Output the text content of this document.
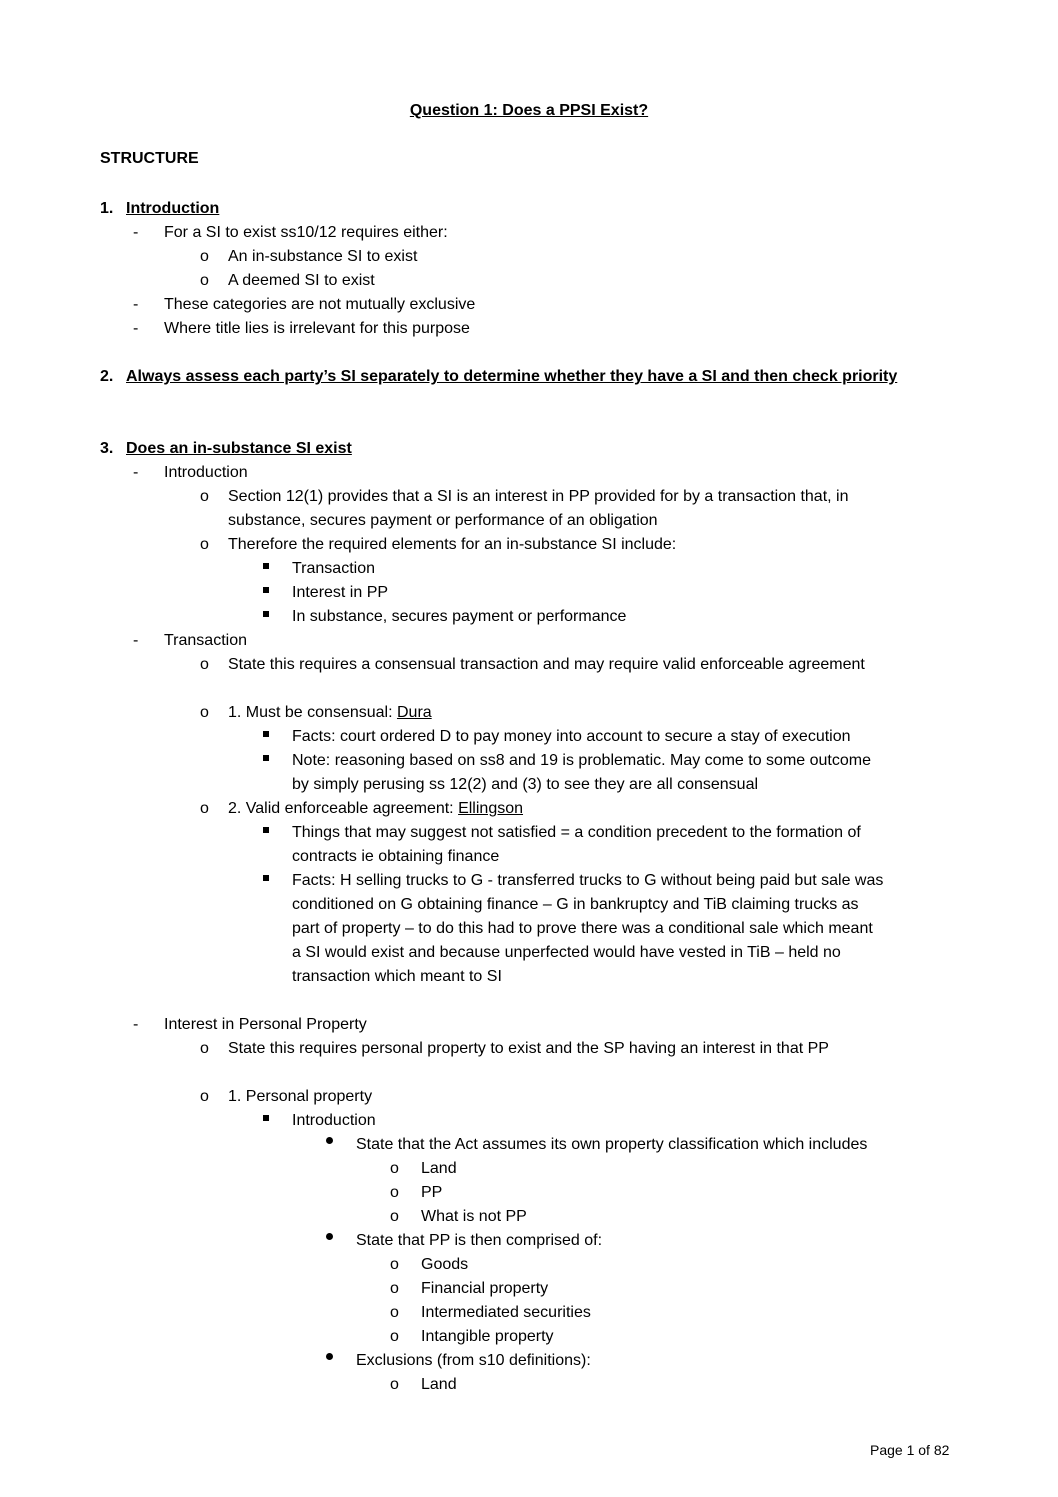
Question 1: Does a PPSI Exist?
STRUCTURE
1. Introduction
- For a SI to exist ss10/12 requires either:
o An in-substance SI to exist
o A deemed SI to exist
- These categories are not mutually exclusive
- Where title lies is irrelevant for this purpose
2. Always assess each party’s SI separately to determine whether they have a SI and then check priority
3. Does an in-substance SI exist
- Introduction
o Section 12(1) provides that a SI is an interest in PP provided for by a transaction that, in
substance, secures payment or performance of an obligation
o Therefore the required elements for an in-substance SI include:
Transaction
Interest in PP
In substance, secures payment or performance
- Transaction
o State this requires a consensual transaction and may require valid enforceable agreement
o 1. Must be consensual: Dura
Facts: court ordered D to pay money into account to secure a stay of execution
Note: reasoning based on ss8 and 19 is problematic. May come to some outcome
by simply perusing ss 12(2) and (3) to see they are all consensual
o 2. Valid enforceable agreement: Ellingson
Things that may suggest not satisfied = a condition precedent to the formation of
contracts ie obtaining finance
Facts: H selling trucks to G - transferred trucks to G without being paid but sale was
conditioned on G obtaining finance – G in bankruptcy and TiB claiming trucks as
part of property – to do this had to prove there was a conditional sale which meant
a SI would exist and because unperfected would have vested in TiB – held no
transaction which meant to SI
- Interest in Personal Property
o State this requires personal property to exist and the SP having an interest in that PP
o 1. Personal property
Introduction
State that the Act assumes its own property classification which includes
o Land
o PP
o What is not PP
State that PP is then comprised of:
o Goods
o Financial property
o Intermediated securities
o Intangible property
Exclusions (from s10 definitions):
o Land
Page 1 of 82
